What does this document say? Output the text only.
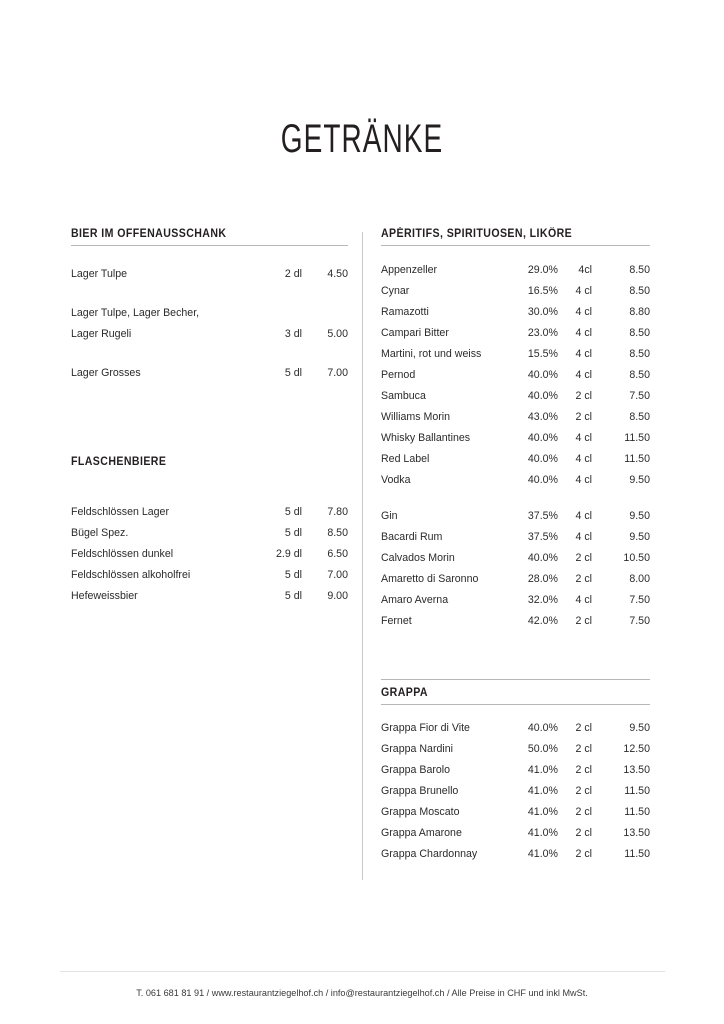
GETRÄNKE
BIER IM OFFENAUSSCHANK
Lager Tulpe	2 dl	4.50
Lager Tulpe, Lager Becher,
Lager Rugeli	3 dl	5.00
Lager Grosses	5 dl	7.00
FLASCHENBIERE
Feldschlössen Lager	5 dl	7.80
Bügel Spez.	5 dl	8.50
Feldschlössen dunkel	2.9 dl	6.50
Feldschlössen alkoholfrei	5 dl	7.00
Hefeweissbier	5 dl	9.00
APÉRITIFS, SPIRITUOSEN, LIKÖRE
Appenzeller	29.0%	4cl	8.50
Cynar	16.5%	4 cl	8.50
Ramazotti	30.0%	4 cl	8.80
Campari Bitter	23.0%	4 cl	8.50
Martini, rot und weiss	15.5%	4 cl	8.50
Pernod	40.0%	4 cl	8.50
Sambuca	40.0%	2 cl	7.50
Williams Morin	43.0%	2 cl	8.50
Whisky Ballantines	40.0%	4 cl	11.50
Red Label	40.0%	4 cl	11.50
Vodka	40.0%	4 cl	9.50
Gin	37.5%	4 cl	9.50
Bacardi Rum	37.5%	4 cl	9.50
Calvados Morin	40.0%	2 cl	10.50
Amaretto di Saronno	28.0%	2 cl	8.00
Amaro Averna	32.0%	4 cl	7.50
Fernet	42.0%	2 cl	7.50
GRAPPA
Grappa Fior di Vite	40.0%	2 cl	9.50
Grappa Nardini	50.0%	2 cl	12.50
Grappa Barolo	41.0%	2 cl	13.50
Grappa Brunello	41.0%	2 cl	11.50
Grappa Moscato	41.0%	2 cl	11.50
Grappa Amarone	41.0%	2 cl	13.50
Grappa Chardonnay	41.0%	2 cl	11.50
T. 061 681 81 91 / www.restaurantziegelhof.ch / info@restaurantziegelhof.ch / Alle Preise in CHF und inkl MwSt.
